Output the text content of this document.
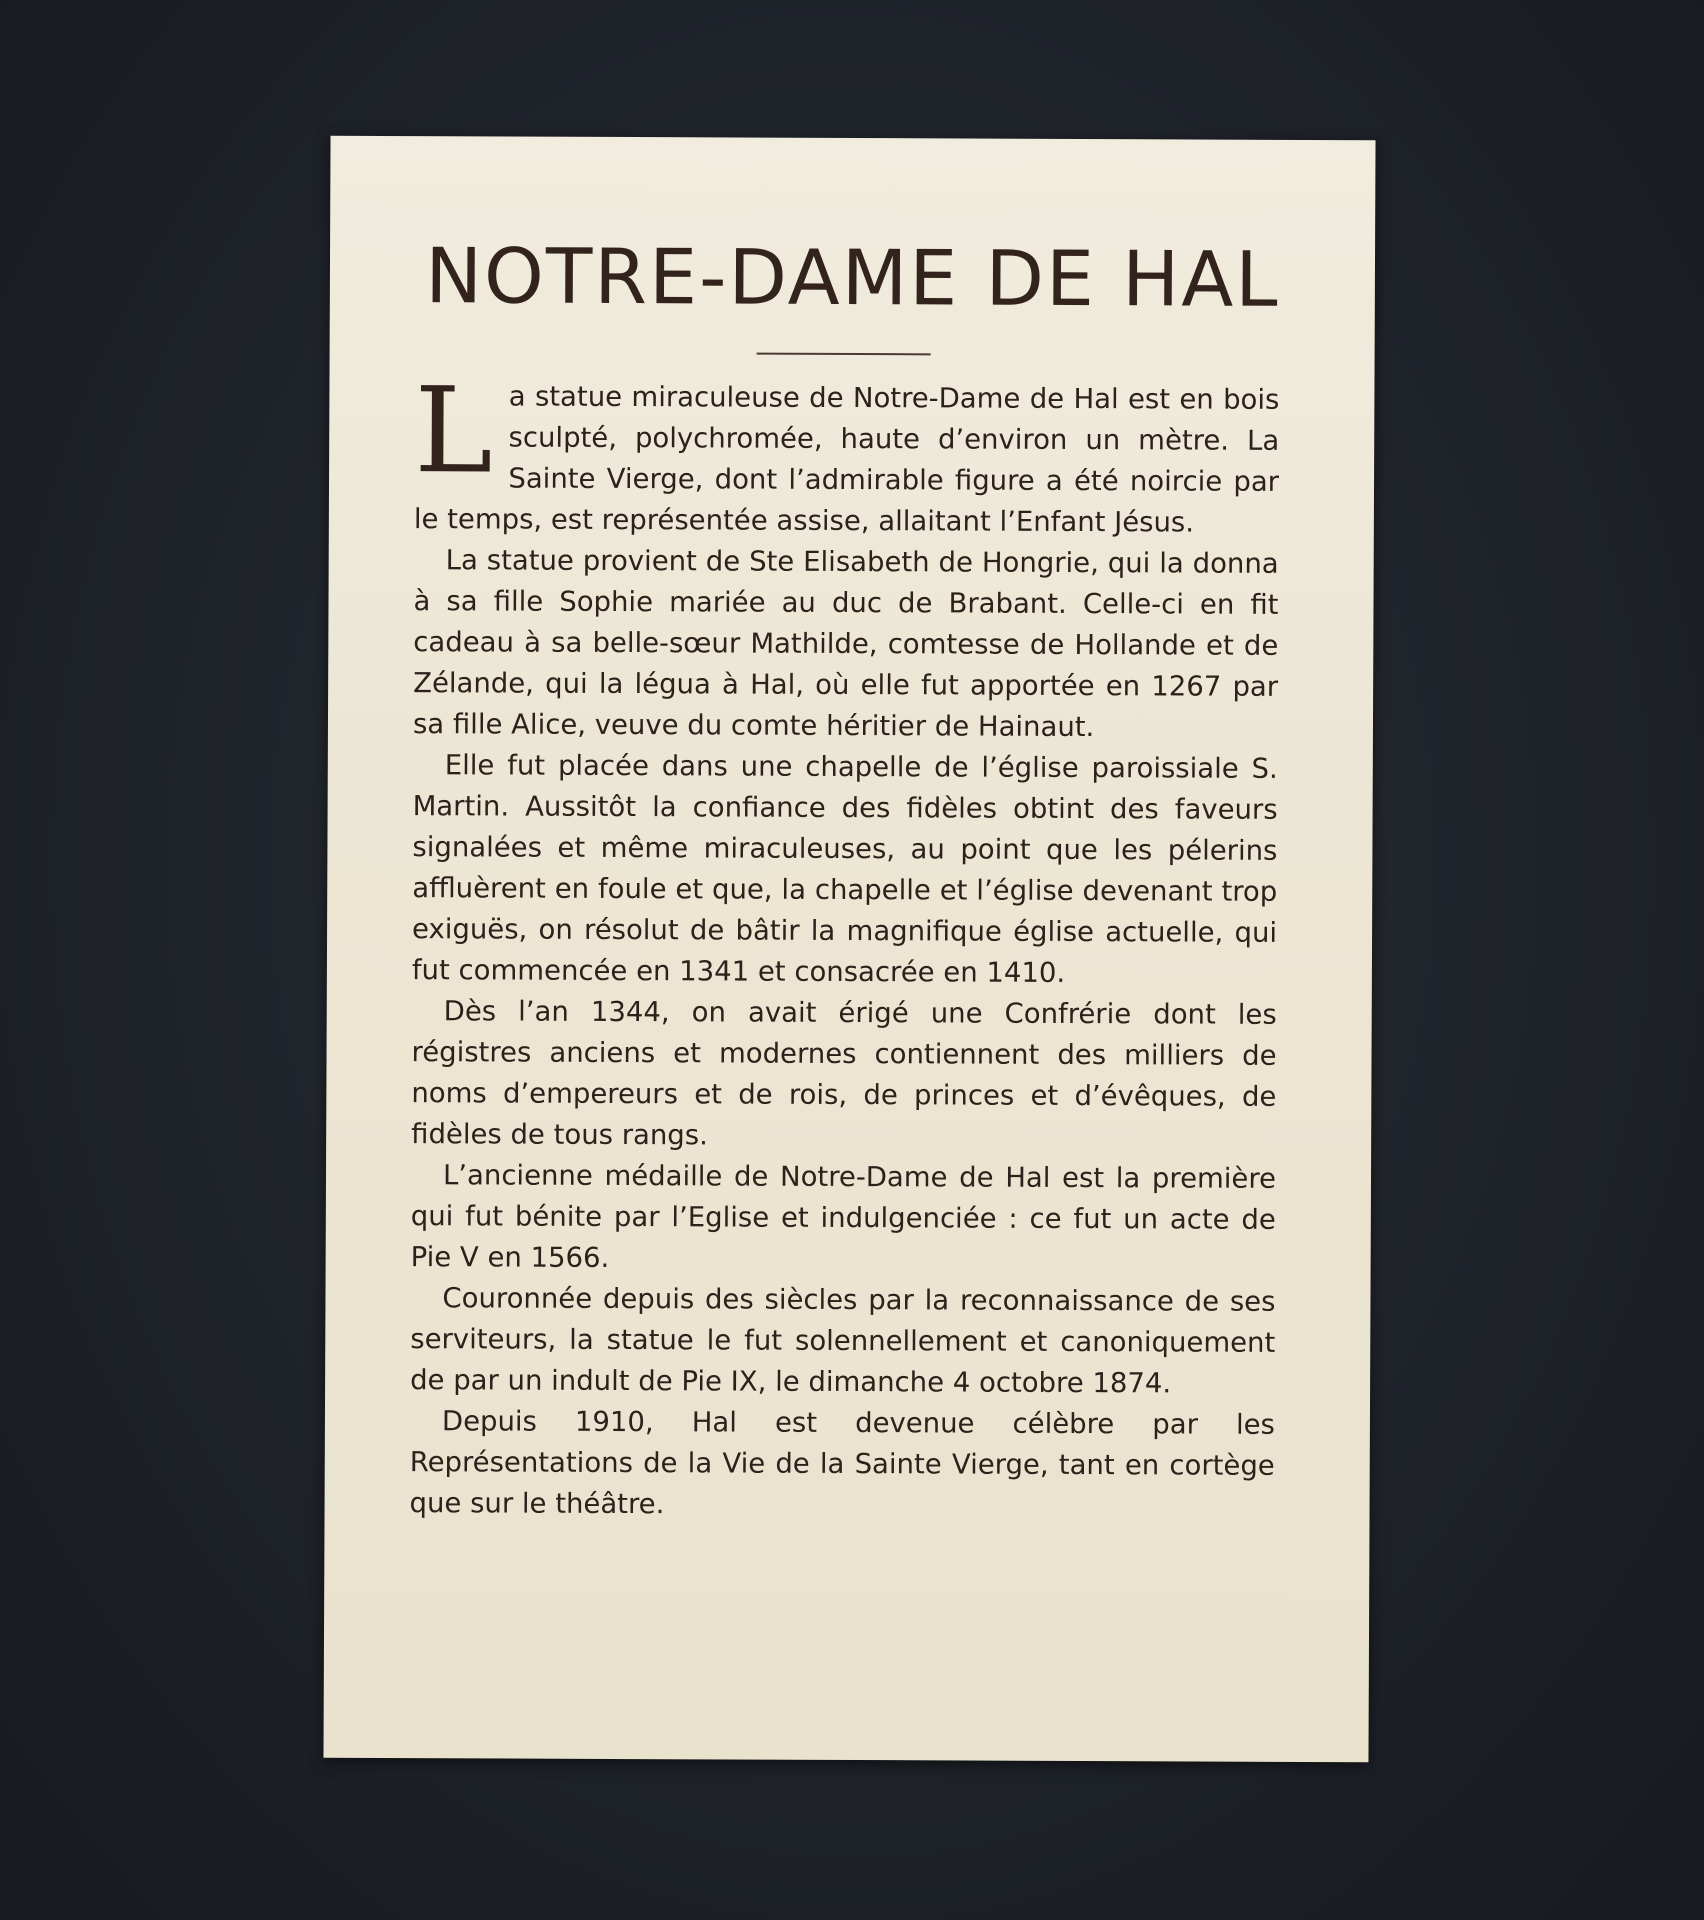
NOTRE-DAME DE HAL

La statue miraculeuse de Notre-Dame de Hal est en bois sculpté, polychromée, haute d’environ un mètre. La Sainte Vierge, dont l’admirable figure a été noircie par le temps, est représentée assise, allaitant l’Enfant Jésus.

La statue provient de Ste Elisabeth de Hongrie, qui la donna à sa fille Sophie mariée au duc de Brabant. Celle-ci en fit cadeau à sa belle-sœur Mathilde, comtesse de Hollande et de Zélande, qui la légua à Hal, où elle fut apportée en 1267 par sa fille Alice, veuve du comte héritier de Hainaut.

Elle fut placée dans une chapelle de l’église paroissiale S. Martin. Aussitôt la confiance des fidèles obtint des faveurs signalées et même miraculeuses, au point que les pélerins affluèrent en foule et que, la chapelle et l’église devenant trop exiguës, on résolut de bâtir la magnifique église actuelle, qui fut commencée en 1341 et consacrée en 1410.

Dès l’an 1344, on avait érigé une Confrérie dont les régistres anciens et modernes contiennent des milliers de noms d’empereurs et de rois, de princes et d’évêques, de fidèles de tous rangs.

L’ancienne médaille de Notre-Dame de Hal est la première qui fut bénite par l’Eglise et indulgenciée : ce fut un acte de Pie V en 1566.

Couronnée depuis des siècles par la reconnaissance de ses serviteurs, la statue le fut solennellement et canoniquement de par un indult de Pie IX, le dimanche 4 octobre 1874.

Depuis 1910, Hal est devenue célèbre par les Représentations de la Vie de la Sainte Vierge, tant en cortège que sur le théâtre.
